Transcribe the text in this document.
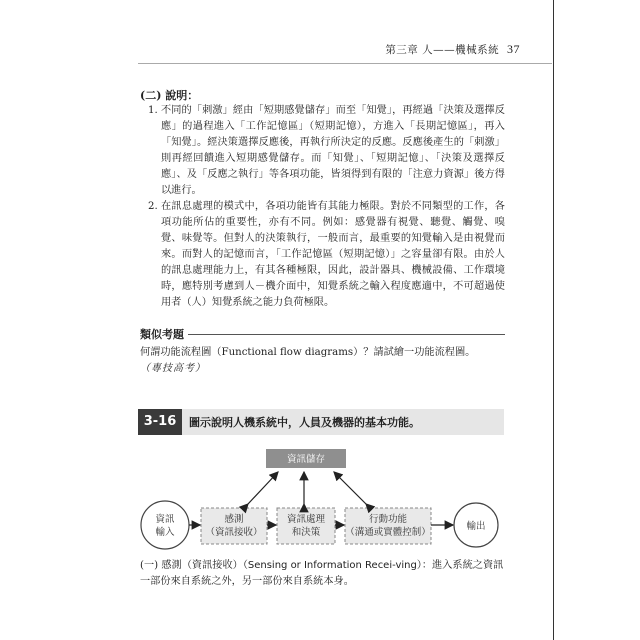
第三章 人——機械系統 37
(二) 說明：
1. 不同的「刺激」經由「短期感覺儲存」而至「知覺」，再經過「決策及選擇反應」的過程進入「工作記憶區」（短期記憶），方進入「長期記憶區」，再入「知覺」。經決策選擇反應後，再執行所決定的反應。反應後產生的「刺激」則再經回饋進入短期感覺儲存。而「知覺」、「短期記憶」、「決策及選擇反應」、及「反應之執行」等各項功能，皆須得到有限的「注意力資源」後方得以進行。
2. 在訊息處理的模式中，各項功能皆有其能力極限。對於不同類型的工作，各項功能所佔的重要性，亦有不同。例如：感覺器有視覺、聽覺、觸覺、嗅覺、味覺等。但對人的決策執行，一般而言，最重要的知覺輸入是由視覺而來。而對人的記憶而言，「工作記憶區（短期記憶）」之容量卻有限。由於人的訊息處理能力上，有其各種極限，因此，設計器具、機械設備、工作環境時，應特別考慮到人－機介面中，知覺系統之輸入程度應適中，不可超過使用者（人）知覺系統之能力負荷極限。
類似考題
何謂功能流程圖（Functional flow diagrams）？請試繪一功能流程圖。
（專技高考）
3-16	圖示說明人機系統中，人員及機器的基本功能。
資訊儲存
資訊
輸入
感測
（資訊接收）
資訊處理
和決策
行動功能
（溝通或實體控制）
輸出
(一) 感測（資訊接收）（Sensing or Information Recei-ving）：進入系統之資訊一部份來自系統之外，另一部份來自系統本身。
